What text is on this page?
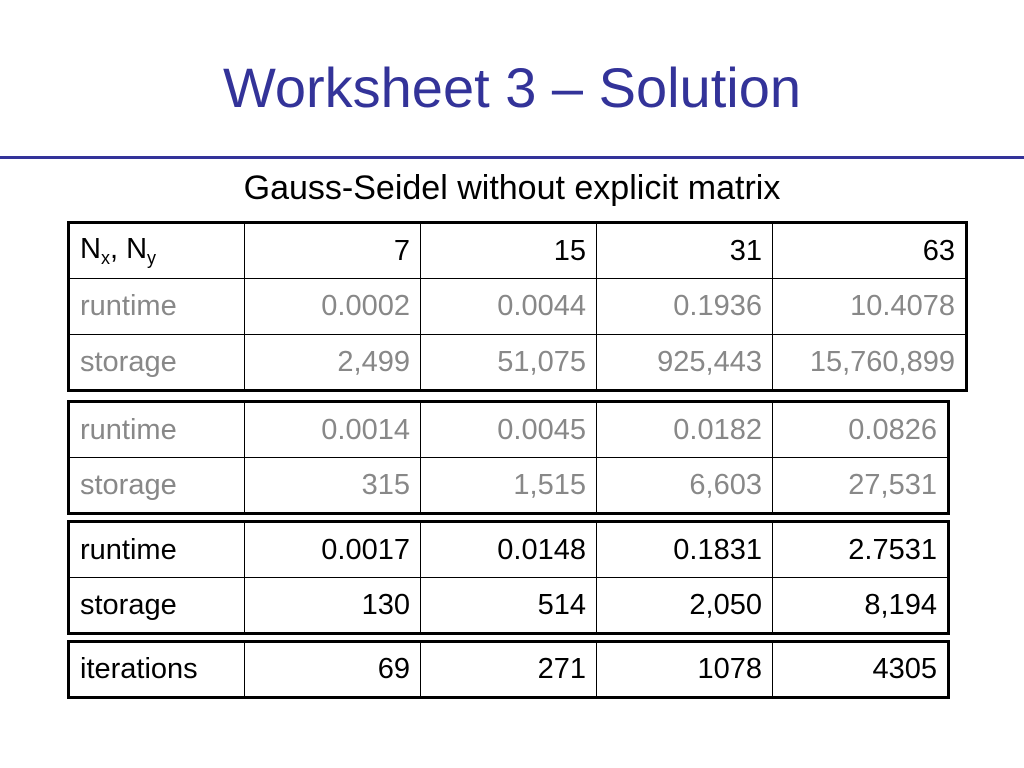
Worksheet 3 – Solution
Gauss-Seidel without explicit matrix
$N_x$, $N_y$	7	15	31	63
runtime	0.0002	0.0044	0.1936	10.4078
storage	2,499	51,075	925,443	15,760,899
runtime	0.0014	0.0045	0.0182	0.0826
storage	315	1,515	6,603	27,531
runtime	0.0017	0.0148	0.1831	2.7531
storage	130	514	2,050	8,194
iterations	69	271	1078	4305
